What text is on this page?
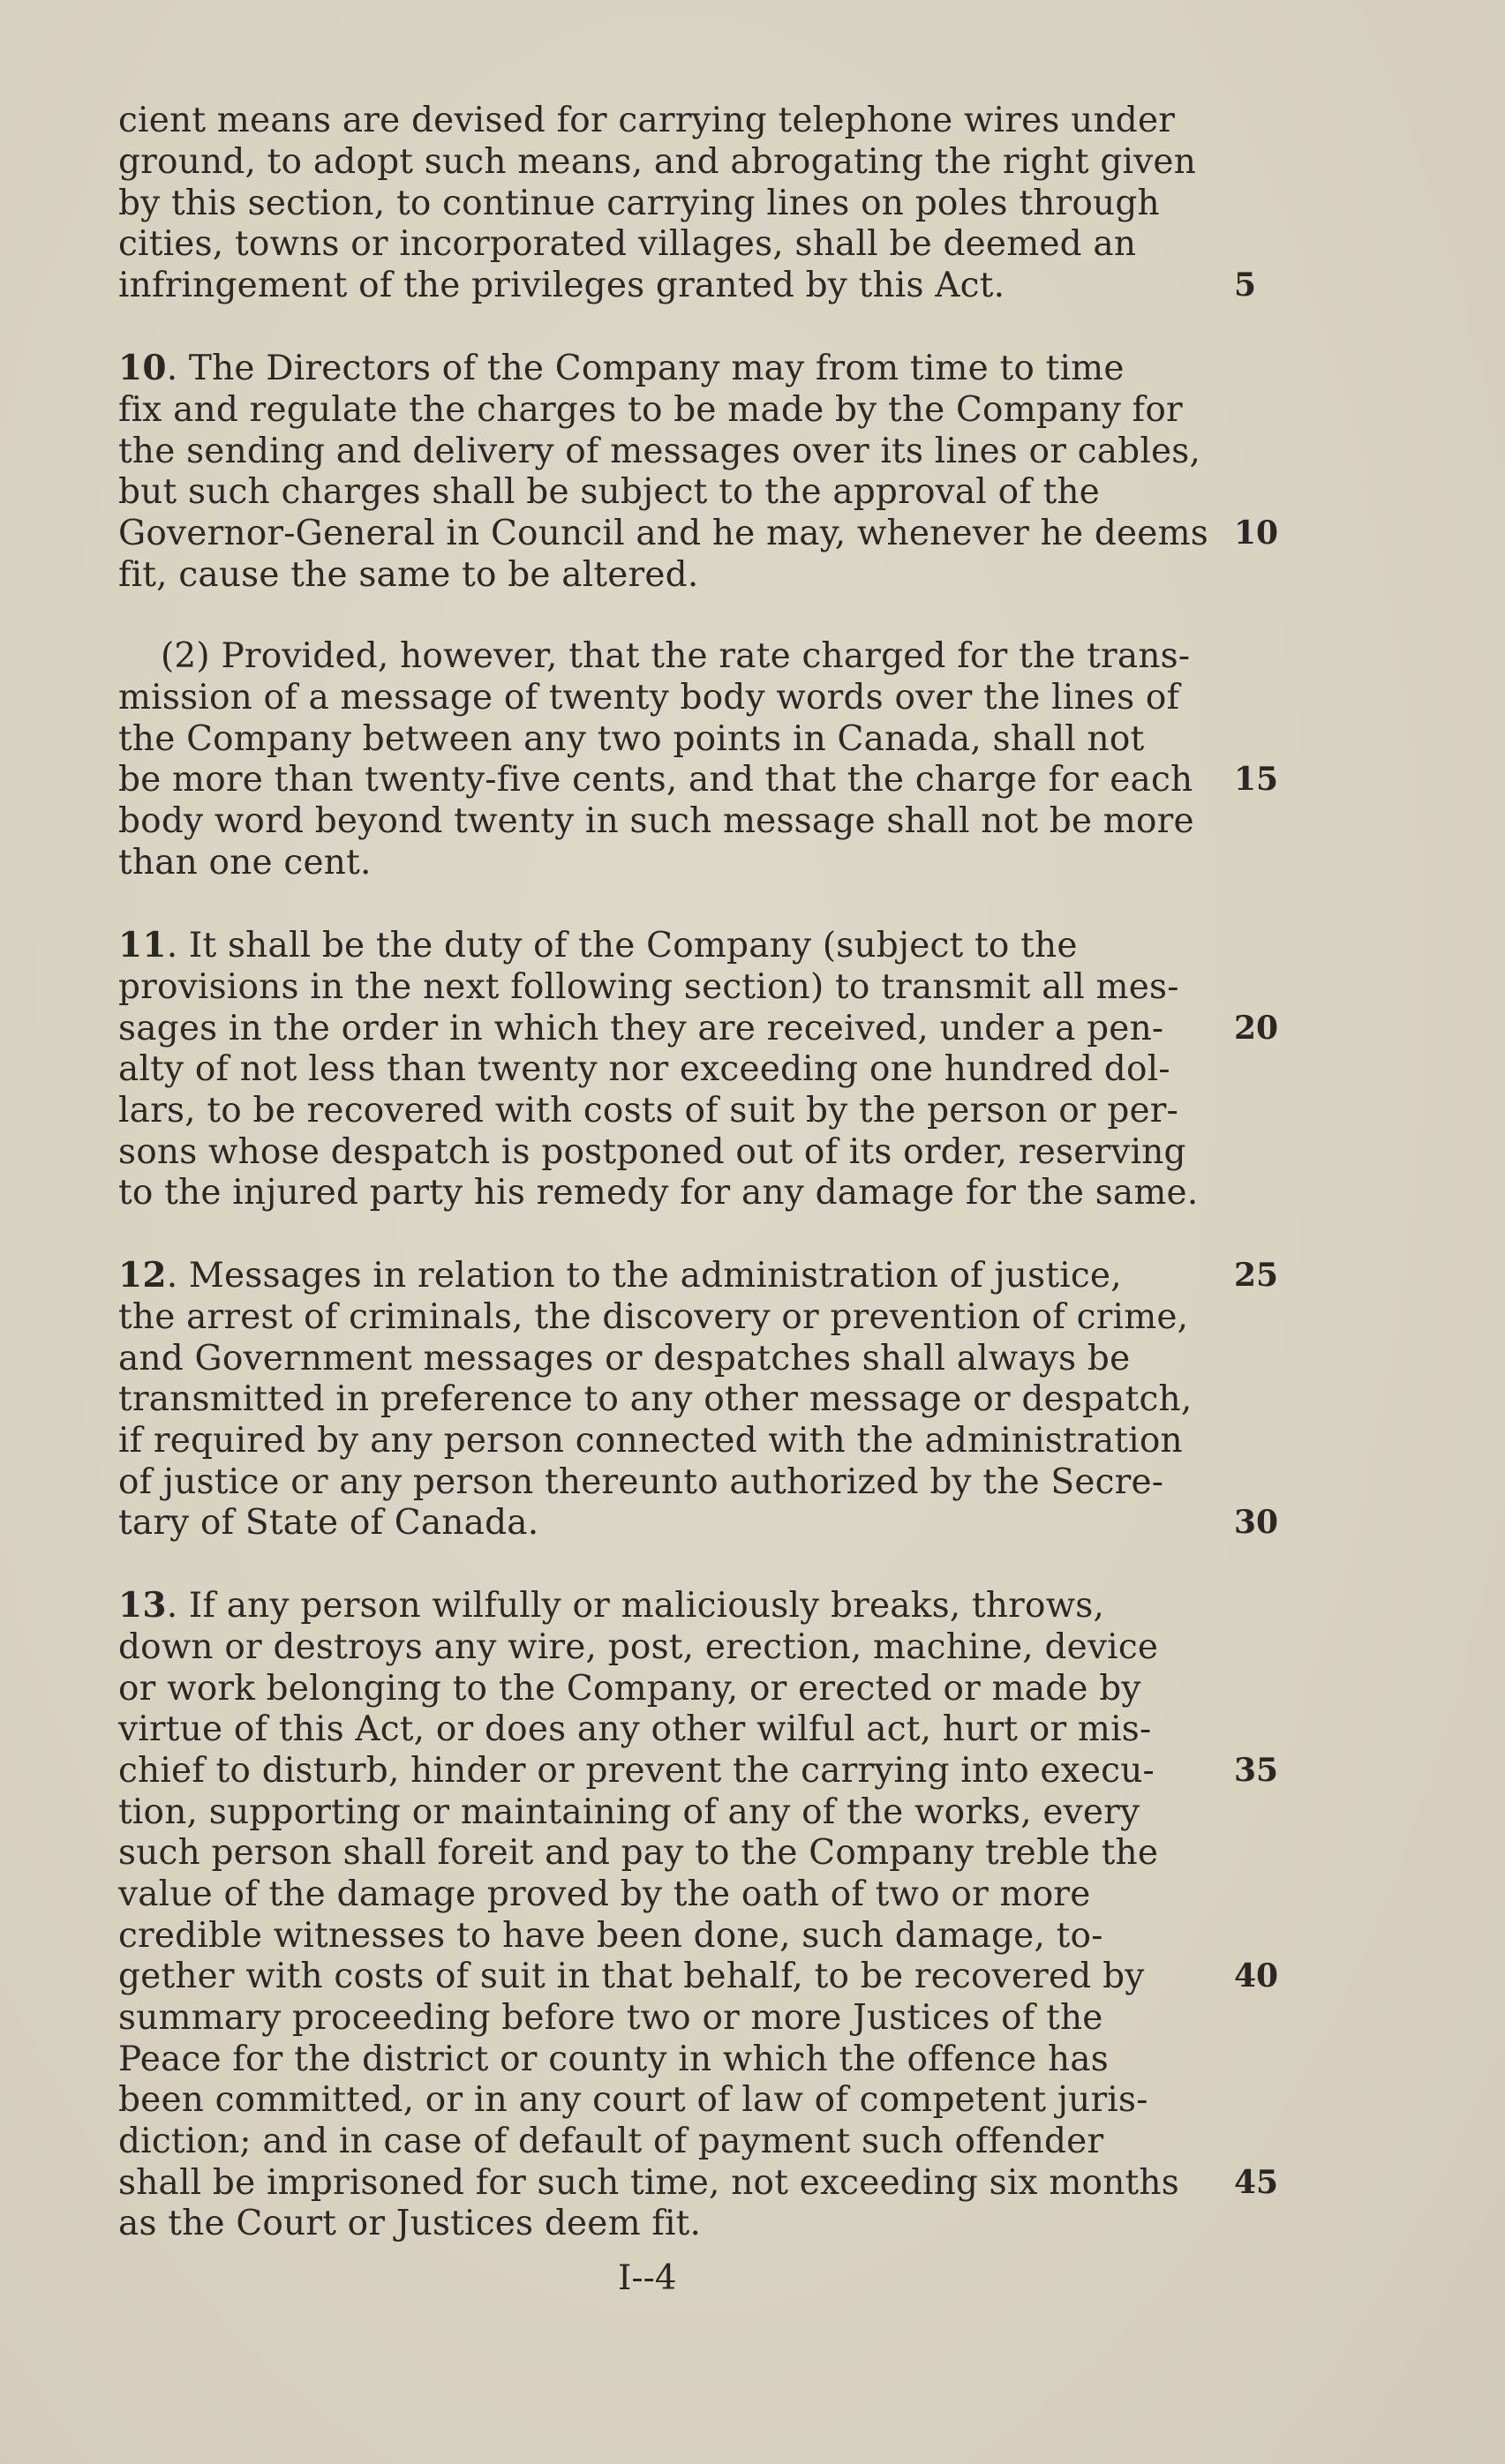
cient means are devised for carrying telephone wires under
ground, to adopt such means, and abrogating the right given
by this section, to continue carrying lines on poles through
cities, towns or incorporated villages, shall be deemed an
infringement of the privileges granted by this Act.	5
10. The Directors of the Company may from time to time
fix and regulate the charges to be made by the Company for
the sending and delivery of messages over its lines or cables,
but such charges shall be subject to the approval of the
Governor-General in Council and he may, whenever he deems 10
fit, cause the same to be altered.
(2) Provided, however, that the rate charged for the trans-
mission of a message of twenty body words over the lines of
the Company between any two points in Canada, shall not
be more than twenty-five cents, and that the charge for each	15
body word beyond twenty in such message shall not be more
than one cent.
11. It shall be the duty of the Company (subject to the
provisions in the next following section) to transmit all mes-
sages in the order in which they are received, under a pen-	20
alty of not less than twenty nor exceeding one hundred dol-
lars, to be recovered with costs of suit by the person or per-
sons whose despatch is postponed out of its order, reserving
to the injured party his remedy for any damage for the same.
12. Messages in relation to the administration of justice,	25
the arrest of criminals, the discovery or prevention of crime,
and Government messages or despatches shall always be
transmitted in preference to any other message or despatch,
if required by any person connected with the administration
of justice or any person thereunto authorized by the Secre-
tary of State of Canada.	30
13. If any person wilfully or maliciously breaks, throws,
down or destroys any wire, post, erection, machine, device
or work belonging to the Company, or erected or made by
virtue of this Act, or does any other wilful act, hurt or mis-
chief to disturb, hinder or prevent the carrying into execu-	35
tion, supporting or maintaining of any of the works, every
such person shall foreit and pay to the Company treble the
value of the damage proved by the oath of two or more
credible witnesses to have been done, such damage, to-
gether with costs of suit in that behalf, to be recovered by	40
summary proceeding before two or more Justices of the
Peace for the district or county in which the offence has
been committed, or in any court of law of competent juris-
diction; and in case of default of payment such offender
shall be imprisoned for such time, not exceeding six months	45
as the Court or Justices deem fit.
I--4
